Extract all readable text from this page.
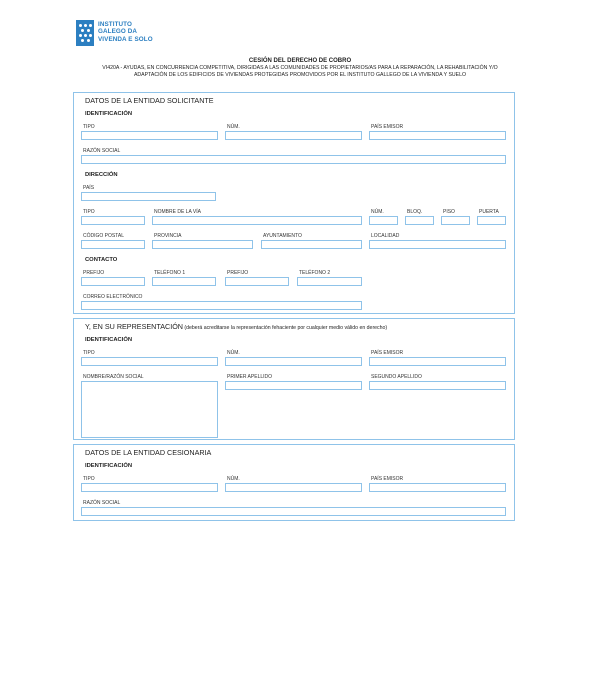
INSTITUTO
GALEGO DA
VIVENDA E SOLO
CESIÓN DEL DERECHO DE COBRO
VI420A - AYUDAS, EN CONCURRENCIA COMPETITIVA, DIRIGIDAS A LAS COMUNIDADES DE PROPIETARIOS/AS PARA LA REPARACIÓN, LA REHABILITACIÓN Y/O
ADAPTACIÓN DE LOS EDIFICIOS DE VIVIENDAS PROTEGIDAS PROMOVIDOS POR EL INSTITUTO GALLEGO DE LA VIVIENDA Y SUELO
DATOS DE LA ENTIDAD SOLICITANTE
IDENTIFICACIÓN
TIPO	NÚM.	PAÍS EMISOR
RAZÓN SOCIAL
DIRECCIÓN
PAÍS
TIPO	NOMBRE DE LA VÍA	NÚM.	BLOQ.	PISO	PUERTA
CÓDIGO POSTAL	PROVINCIA	AYUNTAMIENTO	LOCALIDAD
CONTACTO
PREFIJO	TELÉFONO 1	PREFIJO	TELÉFONO 2
CORREO ELECTRÓNICO
Y, EN SU REPRESENTACIÓN (deberá acreditarse la representación fehaciente por cualquier medio válido en derecho)
IDENTIFICACIÓN
TIPO	NÚM.	PAÍS EMISOR
NOMBRE/RAZÓN SOCIAL	PRIMER APELLIDO	SEGUNDO APELLIDO
DATOS DE LA ENTIDAD CESIONARIA
IDENTIFICACIÓN
TIPO	NÚM.	PAÍS EMISOR
RAZÓN SOCIAL
